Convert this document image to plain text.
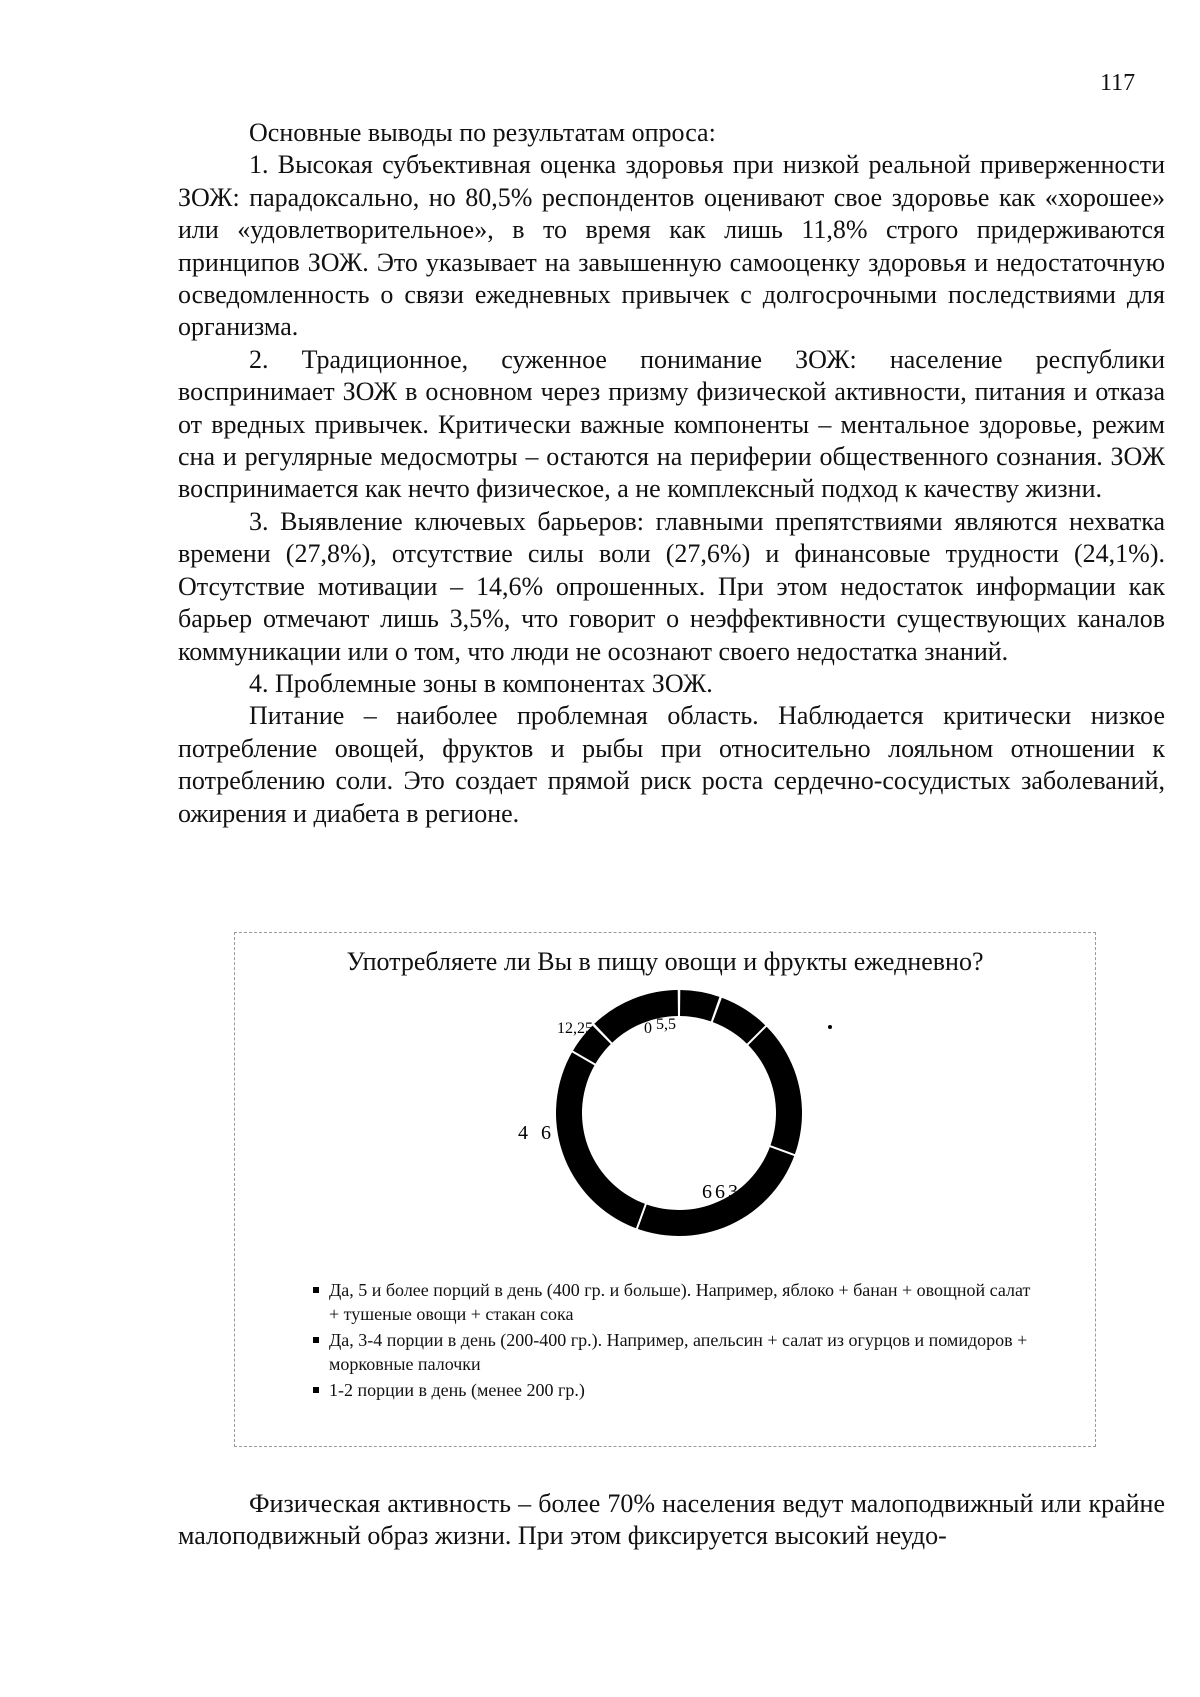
117

Основные выводы по результатам опроса:

1. Высокая субъективная оценка здоровья при низкой реальной приверженности ЗОЖ: парадоксально, но 80,5% респондентов оценивают свое здоровье как «хорошее» или «удовлетворительное», в то время как лишь 11,8% строго придерживаются принципов ЗОЖ. Это указывает на завышенную самооценку здоровья и недостаточную осведомленность о связи ежедневных привычек с долгосрочными последствиями для организма.

2. Традиционное, суженное понимание ЗОЖ: население республики воспринимает ЗОЖ в основном через призму физической активности, питания и отказа от вредных привычек. Критически важные компоненты – ментальное здоровье, режим сна и регулярные медосмотры – остаются на периферии общественного сознания. ЗОЖ воспринимается как нечто физическое, а не комплексный подход к качеству жизни.

3. Выявление ключевых барьеров: главными препятствиями являются нехватка времени (27,8%), отсутствие силы воли (27,6%) и финансовые трудности (24,1%). Отсутствие мотивации – 14,6% опрошенных. При этом недостаток информации как барьер отмечают лишь 3,5%, что говорит о неэффективности существующих каналов коммуникации или о том, что люди не осознают своего недостатка знаний.

4. Проблемные зоны в компонентах ЗОЖ.

Питание – наиболее проблемная область. Наблюдается критически низкое потребление овощей, фруктов и рыбы при относительно лояльном отношении к потреблению соли. Это создает прямой риск роста сердечно-сосудистых заболеваний, ожирения и диабета в регионе.

Употребляете ли Вы в пищу овощи и фрукты ежедневно?
12,25	0 5,5
4 6
6 6 3
Да, 5 и более порций в день (400 гр. и больше). Например, яблоко + банан + овощной салат + тушеные овощи + стакан сока
Да, 3-4 порции в день (200-400 гр.). Например, апельсин + салат из огурцов и помидоров + морковные палочки
1-2 порции в день (менее 200 гр.)

Физическая активность – более 70% населения ведут малоподвижный или крайне малоподвижный образ жизни. При этом фиксируется высокий неудо-
